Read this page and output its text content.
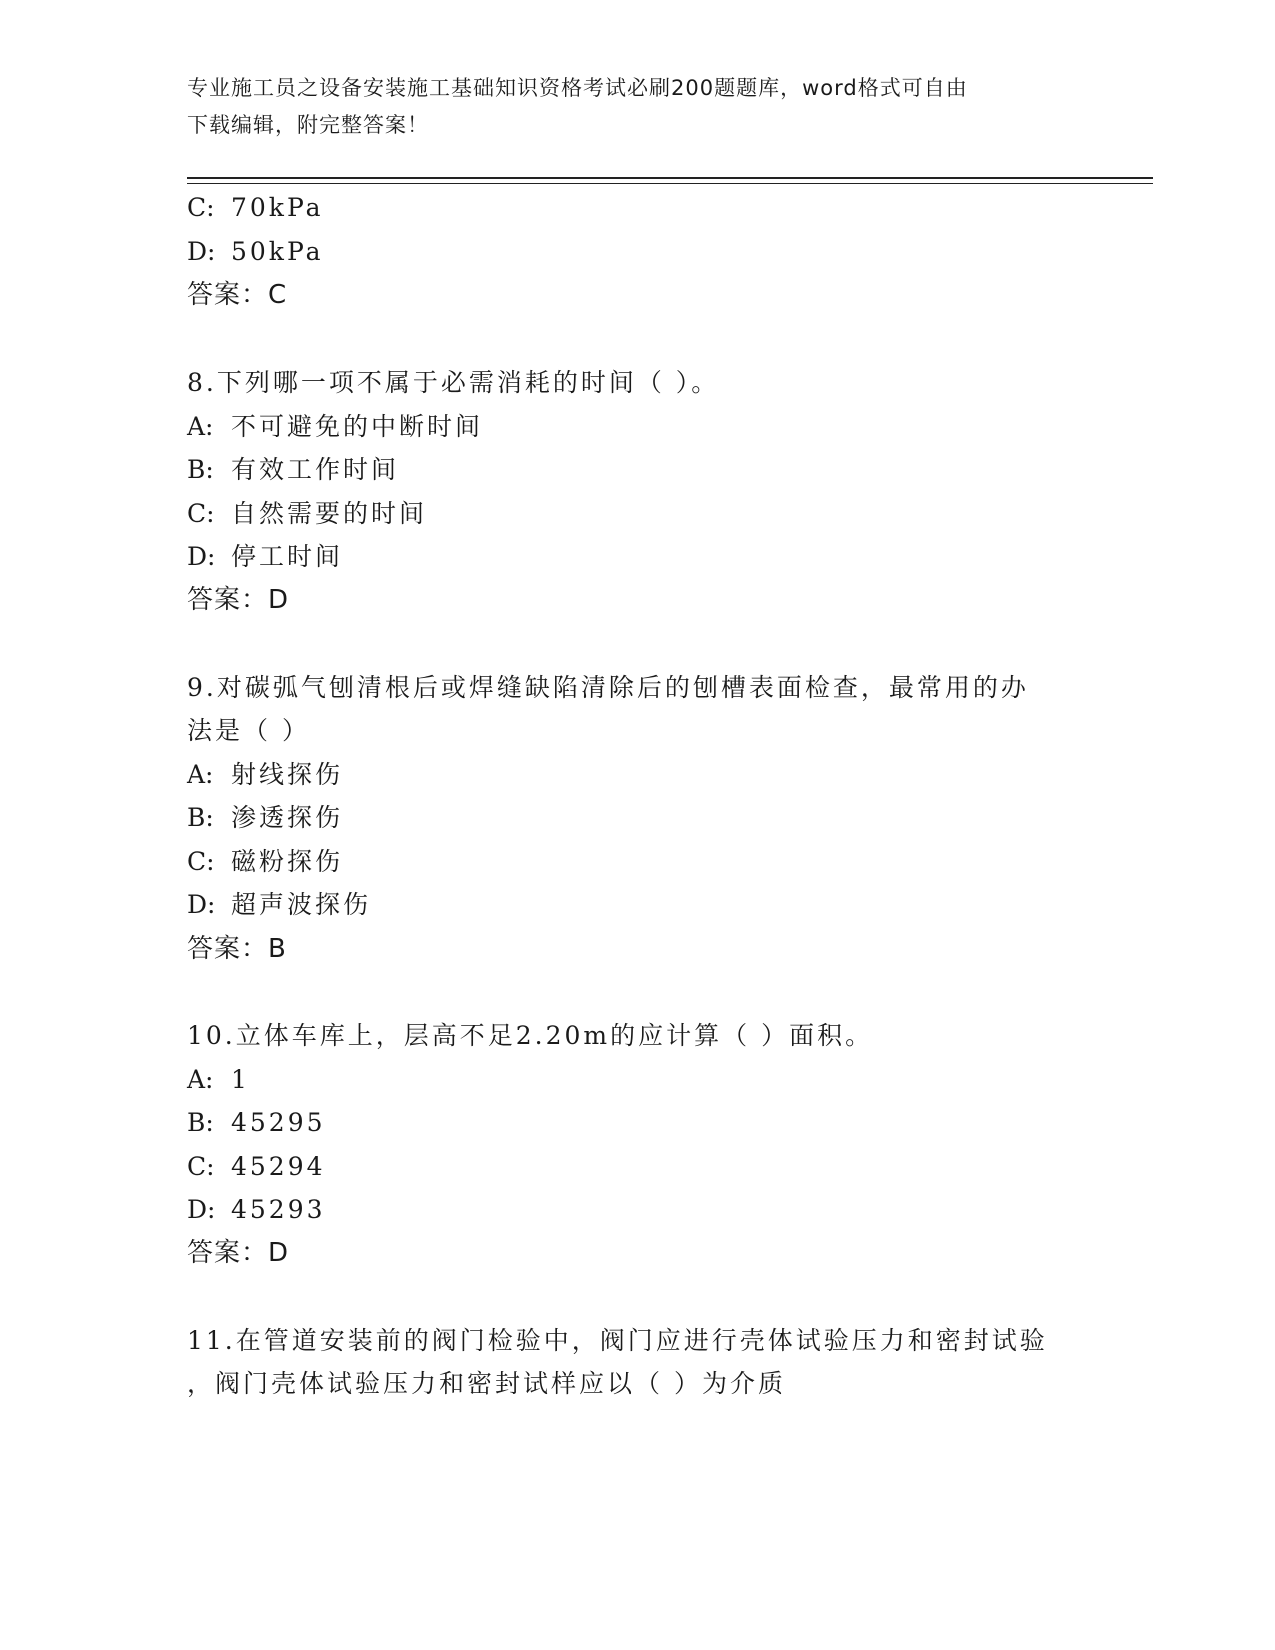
专业施工员之设备安装施工基础知识资格考试必刷200题题库，word格式可自由
下载编辑，附完整答案！
C: 70kPa
D: 50kPa
答案：C
8.下列哪一项不属于必需消耗的时间（ ）。
A: 不可避免的中断时间
B: 有效工作时间
C: 自然需要的时间
D: 停工时间
答案：D
9.对碳弧气刨清根后或焊缝缺陷清除后的刨槽表面检查，最常用的办
法是（ ）
A: 射线探伤
B: 渗透探伤
C: 磁粉探伤
D: 超声波探伤
答案：B
10.立体车库上，层高不足2.20m的应计算（ ）面积。
A: 1
B: 45295
C: 45294
D: 45293
答案：D
11.在管道安装前的阀门检验中，阀门应进行壳体试验压力和密封试验
，阀门壳体试验压力和密封试样应以（ ）为介质
